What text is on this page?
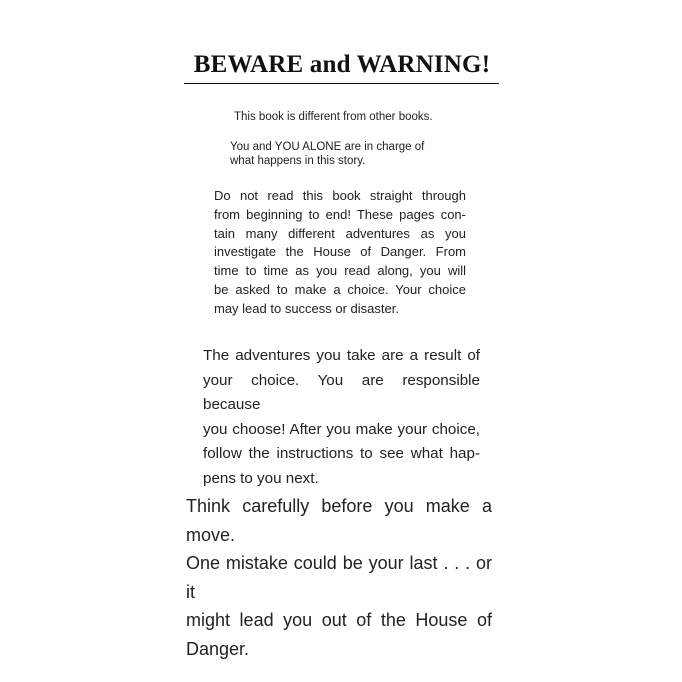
BEWARE and WARNING!
This book is different from other books.
You and YOU ALONE are in charge of
what happens in this story.
Do not read this book straight through
from beginning to end! These pages con-
tain many different adventures as you
investigate the House of Danger. From
time to time as you read along, you will
be asked to make a choice. Your choice
may lead to success or disaster.
The adventures you take are a result of
your choice. You are responsible because
you choose! After you make your choice,
follow the instructions to see what hap-
pens to you next.
Think carefully before you make a move.
One mistake could be your last . . . or it
might lead you out of the House of
Danger.
